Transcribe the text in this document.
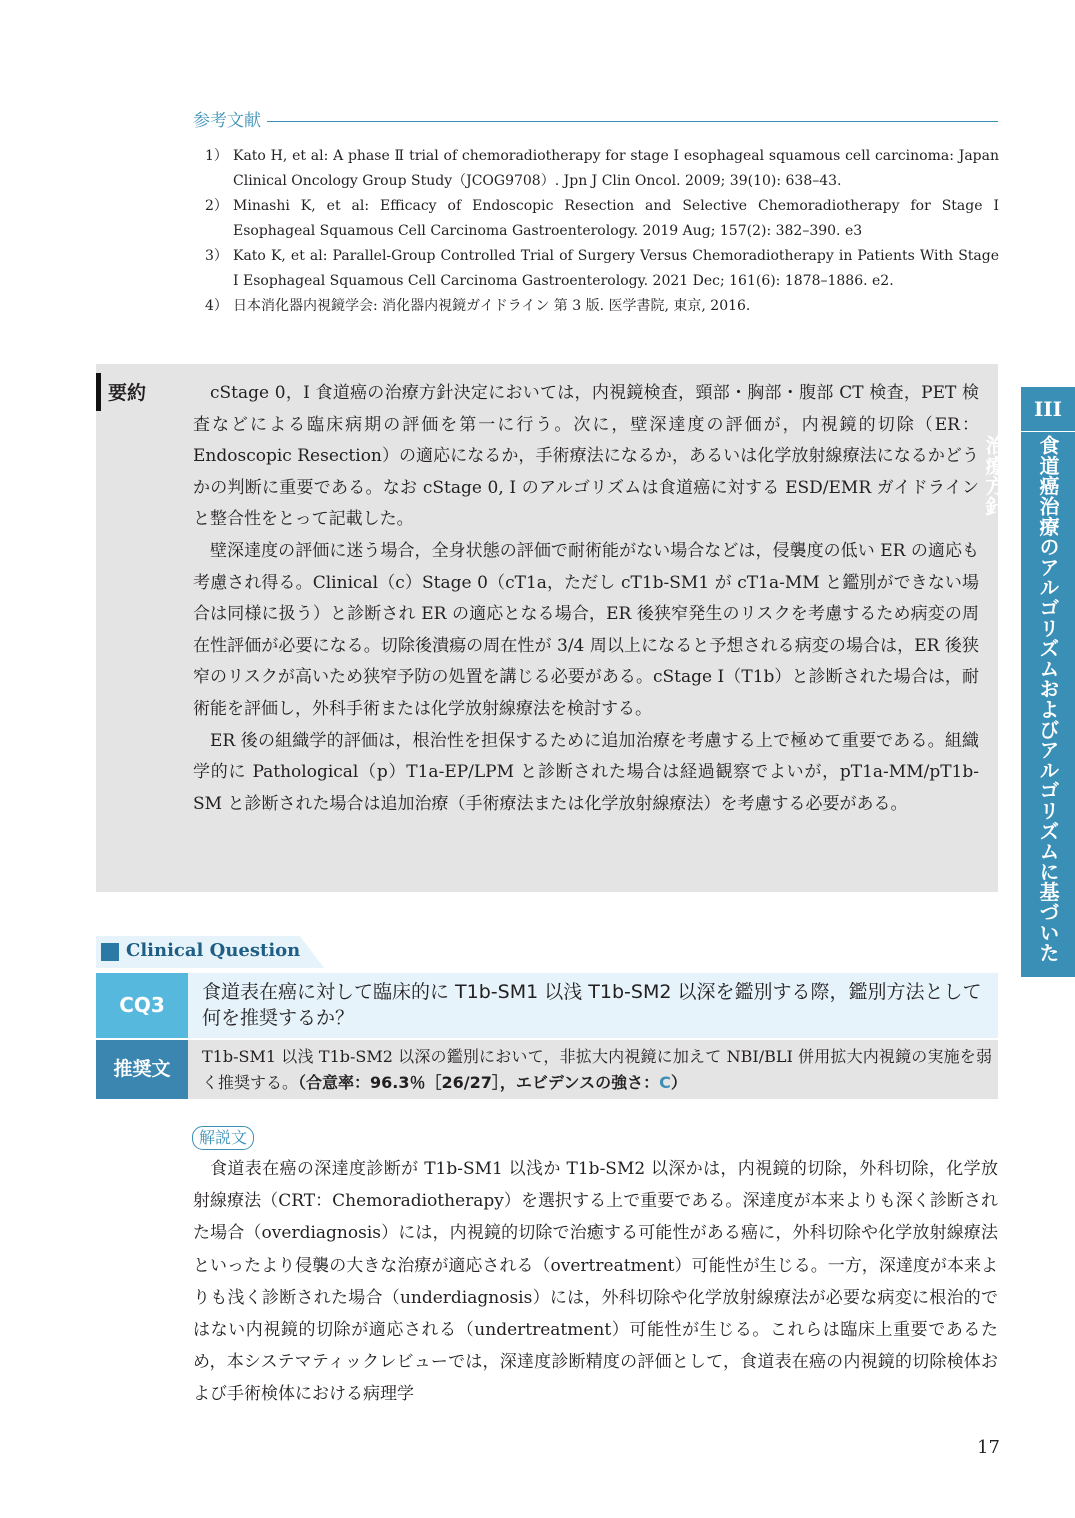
参考文献
1） Kato H, et al: A phase Ⅱ trial of chemoradiotherapy for stage I esophageal squamous cell carcinoma: Japan Clinical Oncology Group Study（JCOG9708）. Jpn J Clin Oncol. 2009; 39(10): 638–43.
2） Minashi K, et al: Efficacy of Endoscopic Resection and Selective Chemoradiotherapy for Stage I Esophageal Squamous Cell Carcinoma Gastroenterology. 2019 Aug; 157(2): 382–390. e3
3） Kato K, et al: Parallel-Group Controlled Trial of Surgery Versus Chemoradiotherapy in Patients With Stage I Esophageal Squamous Cell Carcinoma Gastroenterology. 2021 Dec; 161(6): 1878–1886. e2.
4） 日本消化器内視鏡学会: 消化器内視鏡ガイドライン 第 3 版. 医学書院, 東京, 2016.
要約	cStage 0，I 食道癌の治療方針決定においては，内視鏡検査，頸部・胸部・腹部 CT 検査，PET 検査などによる臨床病期の評価を第一に行う。次に，壁深達度の評価が，内視鏡的切除（ER：Endoscopic Resection）の適応になるか，手術療法になるか，あるいは化学放射線療法になるかどうかの判断に重要である。なお cStage 0, I のアルゴリズムは食道癌に対する ESD/EMR ガイドラインと整合性をとって記載した。

壁深達度の評価に迷う場合，全身状態の評価で耐術能がない場合などは，侵襲度の低い ER の適応も考慮され得る。Clinical（c）Stage 0（cT1a，ただし cT1b-SM1 が cT1a-MM と鑑別ができない場合は同様に扱う）と診断され ER の適応となる場合，ER 後狭窄発生のリスクを考慮するため病変の周在性評価が必要になる。切除後潰瘍の周在性が 3/4 周以上になると予想される病変の場合は，ER 後狭窄のリスクが高いため狭窄予防の処置を講じる必要がある。cStage I（T1b）と診断された場合は，耐術能を評価し，外科手術または化学放射線療法を検討する。

ER 後の組織学的評価は，根治性を担保するために追加治療を考慮する上で極めて重要である。組織学的に Pathological（p）T1a-EP/LPM と診断された場合は経過観察でよいが，pT1a-MM/pT1b-SM と診断された場合は追加治療（手術療法または化学放射線療法）を考慮する必要がある。

III
食道癌治療のアルゴリズムおよびアルゴリズムに基づいた治療方針
Clinical Question
CQ3
食道表在癌に対して臨床的に T1b-SM1 以浅 T1b-SM2 以深を鑑別する際，鑑別方法として何を推奨するか？
推奨文
T1b-SM1 以浅 T1b-SM2 以深の鑑別において，非拡大内視鏡に加えて NBI/BLI 併用拡大内視鏡の実施を弱く推奨する。（合意率：96.3％［26/27］，エビデンスの強さ：C）
解説文

食道表在癌の深達度診断が T1b-SM1 以浅か T1b-SM2 以深かは，内視鏡的切除，外科切除，化学放射線療法（CRT：Chemoradiotherapy）を選択する上で重要である。深達度が本来よりも深く診断された場合（overdiagnosis）には，内視鏡的切除で治癒する可能性がある癌に，外科切除や化学放射線療法といったより侵襲の大きな治療が適応される（overtreatment）可能性が生じる。一方，深達度が本来よりも浅く診断された場合（underdiagnosis）には，外科切除や化学放射線療法が必要な病変に根治的ではない内視鏡的切除が適応される（undertreatment）可能性が生じる。これらは臨床上重要であるため，本システマティックレビューでは，深達度診断精度の評価として，食道表在癌の内視鏡的切除検体および手術検体における病理学

17
